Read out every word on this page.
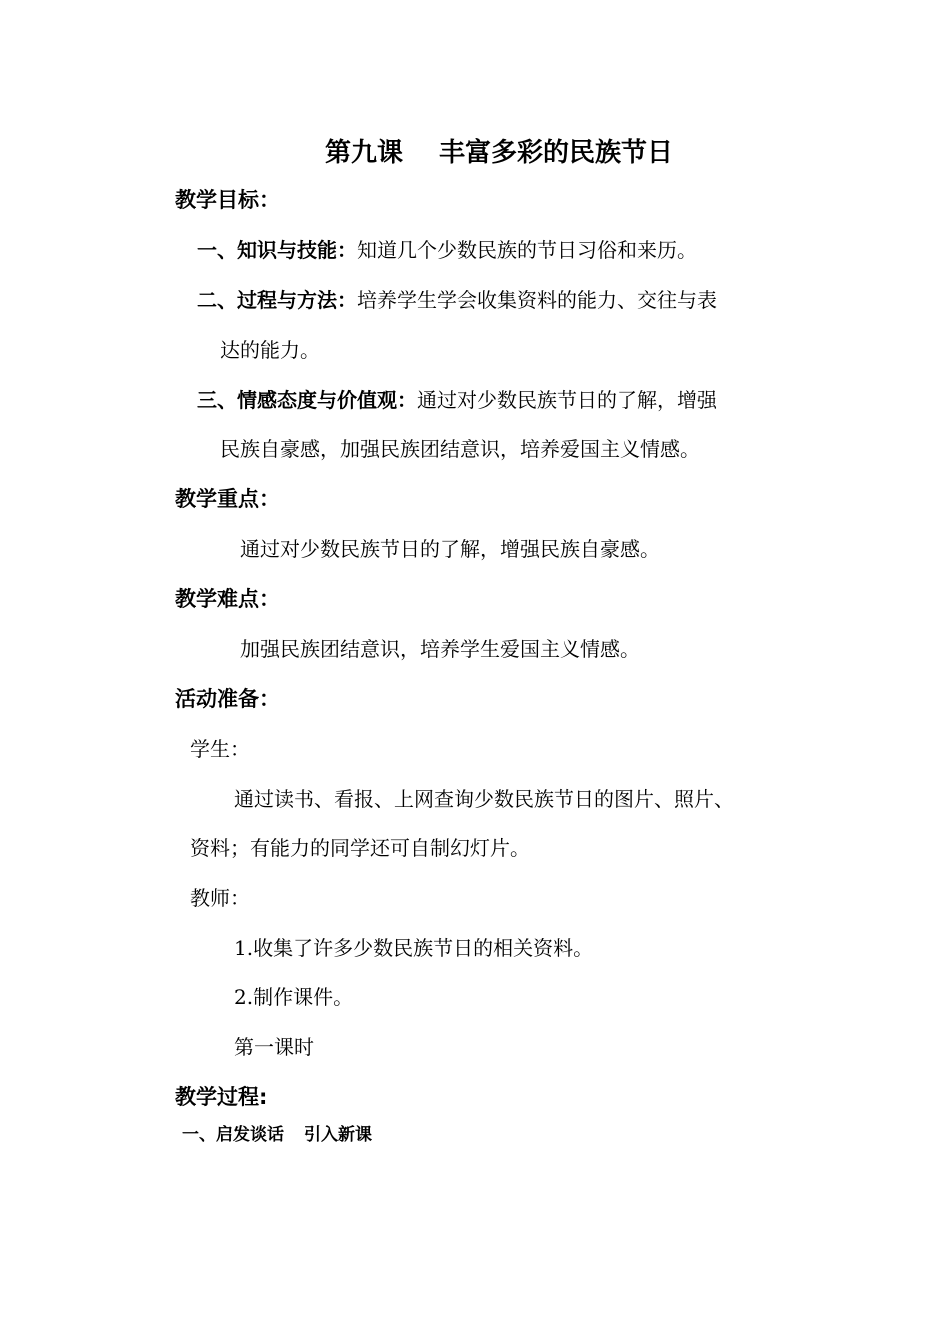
第九课 丰富多彩的民族节日
教学目标：
一、知识与技能：知道几个少数民族的节日习俗和来历。
二、过程与方法：培养学生学会收集资料的能力、交往与表
达的能力。
三、情感态度与价值观：通过对少数民族节日的了解，增强
民族自豪感，加强民族团结意识，培养爱国主义情感。
教学重点：
通过对少数民族节日的了解，增强民族自豪感。
教学难点：
加强民族团结意识，培养学生爱国主义情感。
活动准备：
学生：
通过读书、看报、上网查询少数民族节日的图片、照片、
资料；有能力的同学还可自制幻灯片。
教师：
1.收集了许多少数民族节日的相关资料。
2.制作课件。
第一课时
教学过程:
一、启发谈话 引入新课
